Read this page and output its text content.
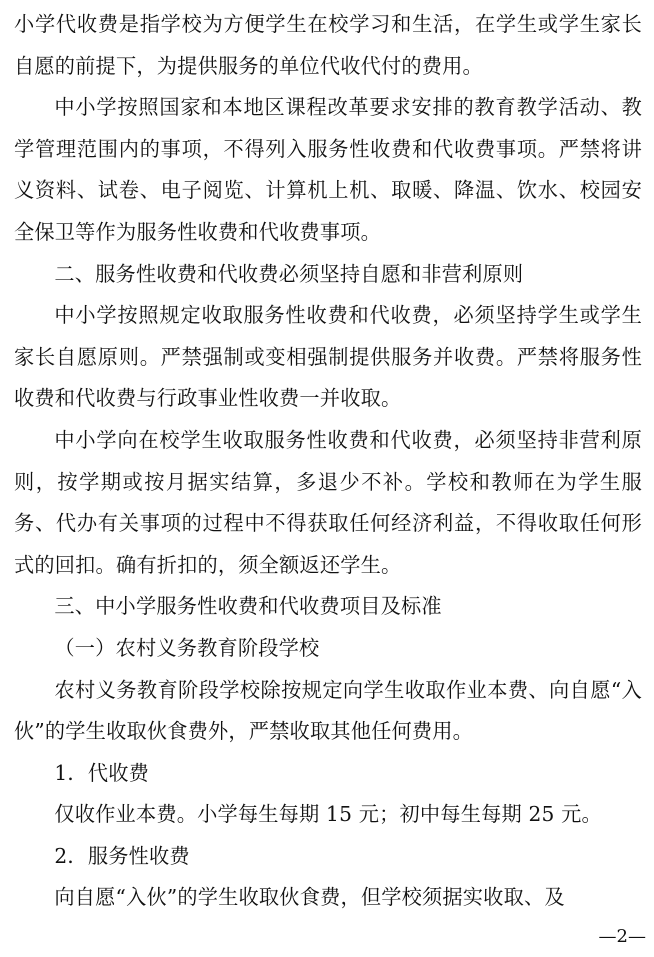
小学代收费是指学校为方便学生在校学习和生活，在学生或学生家长自愿的前提下，为提供服务的单位代收代付的费用。

中小学按照国家和本地区课程改革要求安排的教育教学活动、教学管理范围内的事项，不得列入服务性收费和代收费事项。严禁将讲义资料、试卷、电子阅览、计算机上机、取暖、降温、饮水、校园安全保卫等作为服务性收费和代收费事项。

二、服务性收费和代收费必须坚持自愿和非营利原则

中小学按照规定收取服务性收费和代收费，必须坚持学生或学生家长自愿原则。严禁强制或变相强制提供服务并收费。严禁将服务性收费和代收费与行政事业性收费一并收取。

中小学向在校学生收取服务性收费和代收费，必须坚持非营利原则，按学期或按月据实结算，多退少不补。学校和教师在为学生服务、代办有关事项的过程中不得获取任何经济利益，不得收取任何形式的回扣。确有折扣的，须全额返还学生。

三、中小学服务性收费和代收费项目及标准

（一）农村义务教育阶段学校

农村义务教育阶段学校除按规定向学生收取作业本费、向自愿“入伙”的学生收取伙食费外，严禁收取其他任何费用。

1．代收费

仅收作业本费。小学每生每期 15 元；初中每生每期 25 元。

2．服务性收费

向自愿“入伙”的学生收取伙食费，但学校须据实收取、及

—2—
